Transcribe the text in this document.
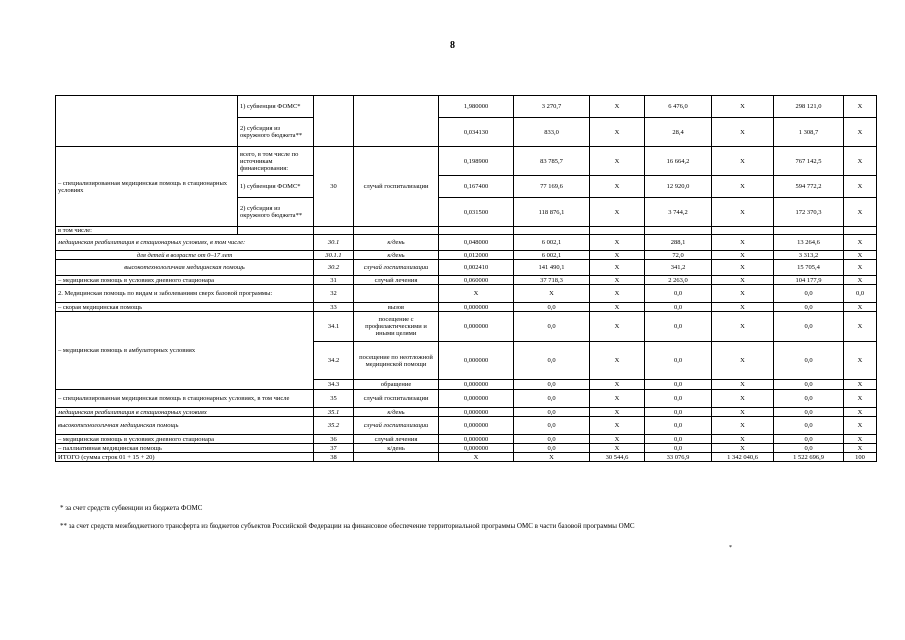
8
	1) субвенция ФОМС*			1,980000	3 270,7	Х	6 476,0	Х	298 121,0	Х
	2) субсидия из окружного бюджета**			0,034130	833,0	Х	28,4	Х	1 308,7	Х
– специализированная медицинская помощь в стационарных условиях	всего, в том числе по источникам финансирования:	30	случай госпитализации	0,198900	83 785,7	Х	16 664,2	Х	767 142,5	Х
	1) субвенция ФОМС*			0,167400	77 169,6	Х	12 920,0	Х	594 772,2	Х
	2) субсидия из окружного бюджета**			0,031500	118 876,1	Х	3 744,2	Х	172 370,3	Х
в том числе:										
медицинская реабилитация в стационарных условиях, в том числе:		30.1	к/день	0,048000	6 002,1	Х	288,1	Х	13 264,6	Х
для детей в возрасте от 0–17 лет		30.1.1	к/день	0,012000	6 002,1	Х	72,0	Х	3 313,2	Х
высокотехнологичная медицинская помощь		30.2	случай госпитализации	0,002410	141 490,1	Х	341,2	Х	15 705,4	Х
– медицинская помощь в условиях дневного стационара		31	случай лечения	0,060000	37 718,3	Х	2 263,0	Х	104 177,9	Х
2. Медицинская помощь по видам и заболеваниям сверх базовой программы:		32		Х	Х	Х	0,0	Х	0,0	0,0
– скорая медицинская помощь		33	вызов	0,000000	0,0	Х	0,0	Х	0,0	Х
– медицинская помощь в амбулаторных условиях		34.1	посещение с профилактическими и иными целями	0,000000	0,0	Х	0,0	Х	0,0	Х
		34.2	посещение по неотложной медицинской помощи	0,000000	0,0	Х	0,0	Х	0,0	Х
		34.3	обращение	0,000000	0,0	Х	0,0	Х	0,0	Х
– специализированная медицинская помощь в стационарных условиях, в том числе		35	случай госпитализации	0,000000	0,0	Х	0,0	Х	0,0	Х
медицинская реабилитация в стационарных условиях		35.1	к/день	0,000000	0,0	Х	0,0	Х	0,0	Х
высокотехнологичная медицинская помощь		35.2	случай госпитализации	0,000000	0,0	Х	0,0	Х	0,0	Х
– медицинская помощь в условиях дневного стационара		36	случай лечения	0,000000	0,0	Х	0,0	Х	0,0	Х
– паллиативная медицинская помощь		37	к/день	0,000000	0,0	Х	0,0	Х	0,0	Х
ИТОГО (сумма строк 01 + 15 + 20)		38		Х	Х	30 544,6	33 076,9	1 342 040,6	1 522 696,9	100
* за счет средств субвенции из бюджета ФОМС
** за счет средств межбюджетного трансферта из бюджетов субъектов Российской Федерации на финансовое обеспечение территориальной программы ОМС в части базовой программы ОМС
*
